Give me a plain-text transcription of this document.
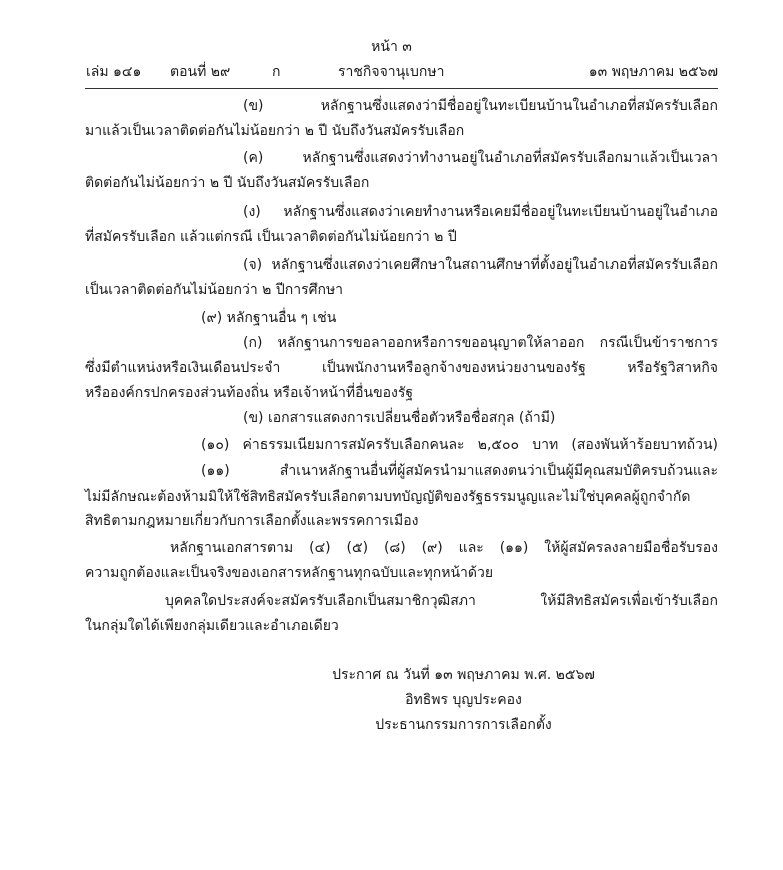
หน้า ๓
เล่ม ๑๔๑ ตอนที่ ๒๙	ก	ราชกิจจานุเบกษา	๑๓ พฤษภาคม ๒๕๖๗
(ข) หลักฐานซึ่งแสดงว่ามีชื่ออยู่ในทะเบียนบ้านในอำเภอที่สมัครรับเลือก
มาแล้วเป็นเวลาติดต่อกันไม่น้อยกว่า ๒ ปี นับถึงวันสมัครรับเลือก
(ค) หลักฐานซึ่งแสดงว่าทำงานอยู่ในอำเภอที่สมัครรับเลือกมาแล้วเป็นเวลา
ติดต่อกันไม่น้อยกว่า ๒ ปี นับถึงวันสมัครรับเลือก
(ง) หลักฐานซึ่งแสดงว่าเคยทำงานหรือเคยมีชื่ออยู่ในทะเบียนบ้านอยู่ในอำเภอ
ที่สมัครรับเลือก แล้วแต่กรณี เป็นเวลาติดต่อกันไม่น้อยกว่า ๒ ปี
(จ) หลักฐานซึ่งแสดงว่าเคยศึกษาในสถานศึกษาที่ตั้งอยู่ในอำเภอที่สมัครรับเลือก
เป็นเวลาติดต่อกันไม่น้อยกว่า ๒ ปีการศึกษา
(๙) หลักฐานอื่น ๆ เช่น
(ก) หลักฐานการขอลาออกหรือการขออนุญาตให้ลาออก กรณีเป็นข้าราชการ
ซึ่งมีตำแหน่งหรือเงินเดือนประจำ เป็นพนักงานหรือลูกจ้างของหน่วยงานของรัฐ หรือรัฐวิสาหกิจ
หรือองค์กรปกครองส่วนท้องถิ่น หรือเจ้าหน้าที่อื่นของรัฐ
(ข) เอกสารแสดงการเปลี่ยนชื่อตัวหรือชื่อสกุล (ถ้ามี)
(๑๐) ค่าธรรมเนียมการสมัครรับเลือกคนละ ๒,๕๐๐ บาท (สองพันห้าร้อยบาทถ้วน)
(๑๑) สำเนาหลักฐานอื่นที่ผู้สมัครนำมาแสดงตนว่าเป็นผู้มีคุณสมบัติครบถ้วนและ
ไม่มีลักษณะต้องห้ามมิให้ใช้สิทธิสมัครรับเลือกตามบทบัญญัติของรัฐธรรมนูญและไม่ใช่บุคคลผู้ถูกจำกัด
สิทธิตามกฎหมายเกี่ยวกับการเลือกตั้งและพรรคการเมือง
หลักฐานเอกสารตาม (๔) (๕) (๘) (๙) และ (๑๑) ให้ผู้สมัครลงลายมือชื่อรับรอง
ความถูกต้องและเป็นจริงของเอกสารหลักฐานทุกฉบับและทุกหน้าด้วย
บุคคลใดประสงค์จะสมัครรับเลือกเป็นสมาชิกวุฒิสภา ให้มีสิทธิสมัครเพื่อเข้ารับเลือก
ในกลุ่มใดได้เพียงกลุ่มเดียวและอำเภอเดียว
ประกาศ ณ วันที่ ๑๓ พฤษภาคม พ.ศ. ๒๕๖๗
อิทธิพร บุญประคอง
ประธานกรรมการการเลือกตั้ง
